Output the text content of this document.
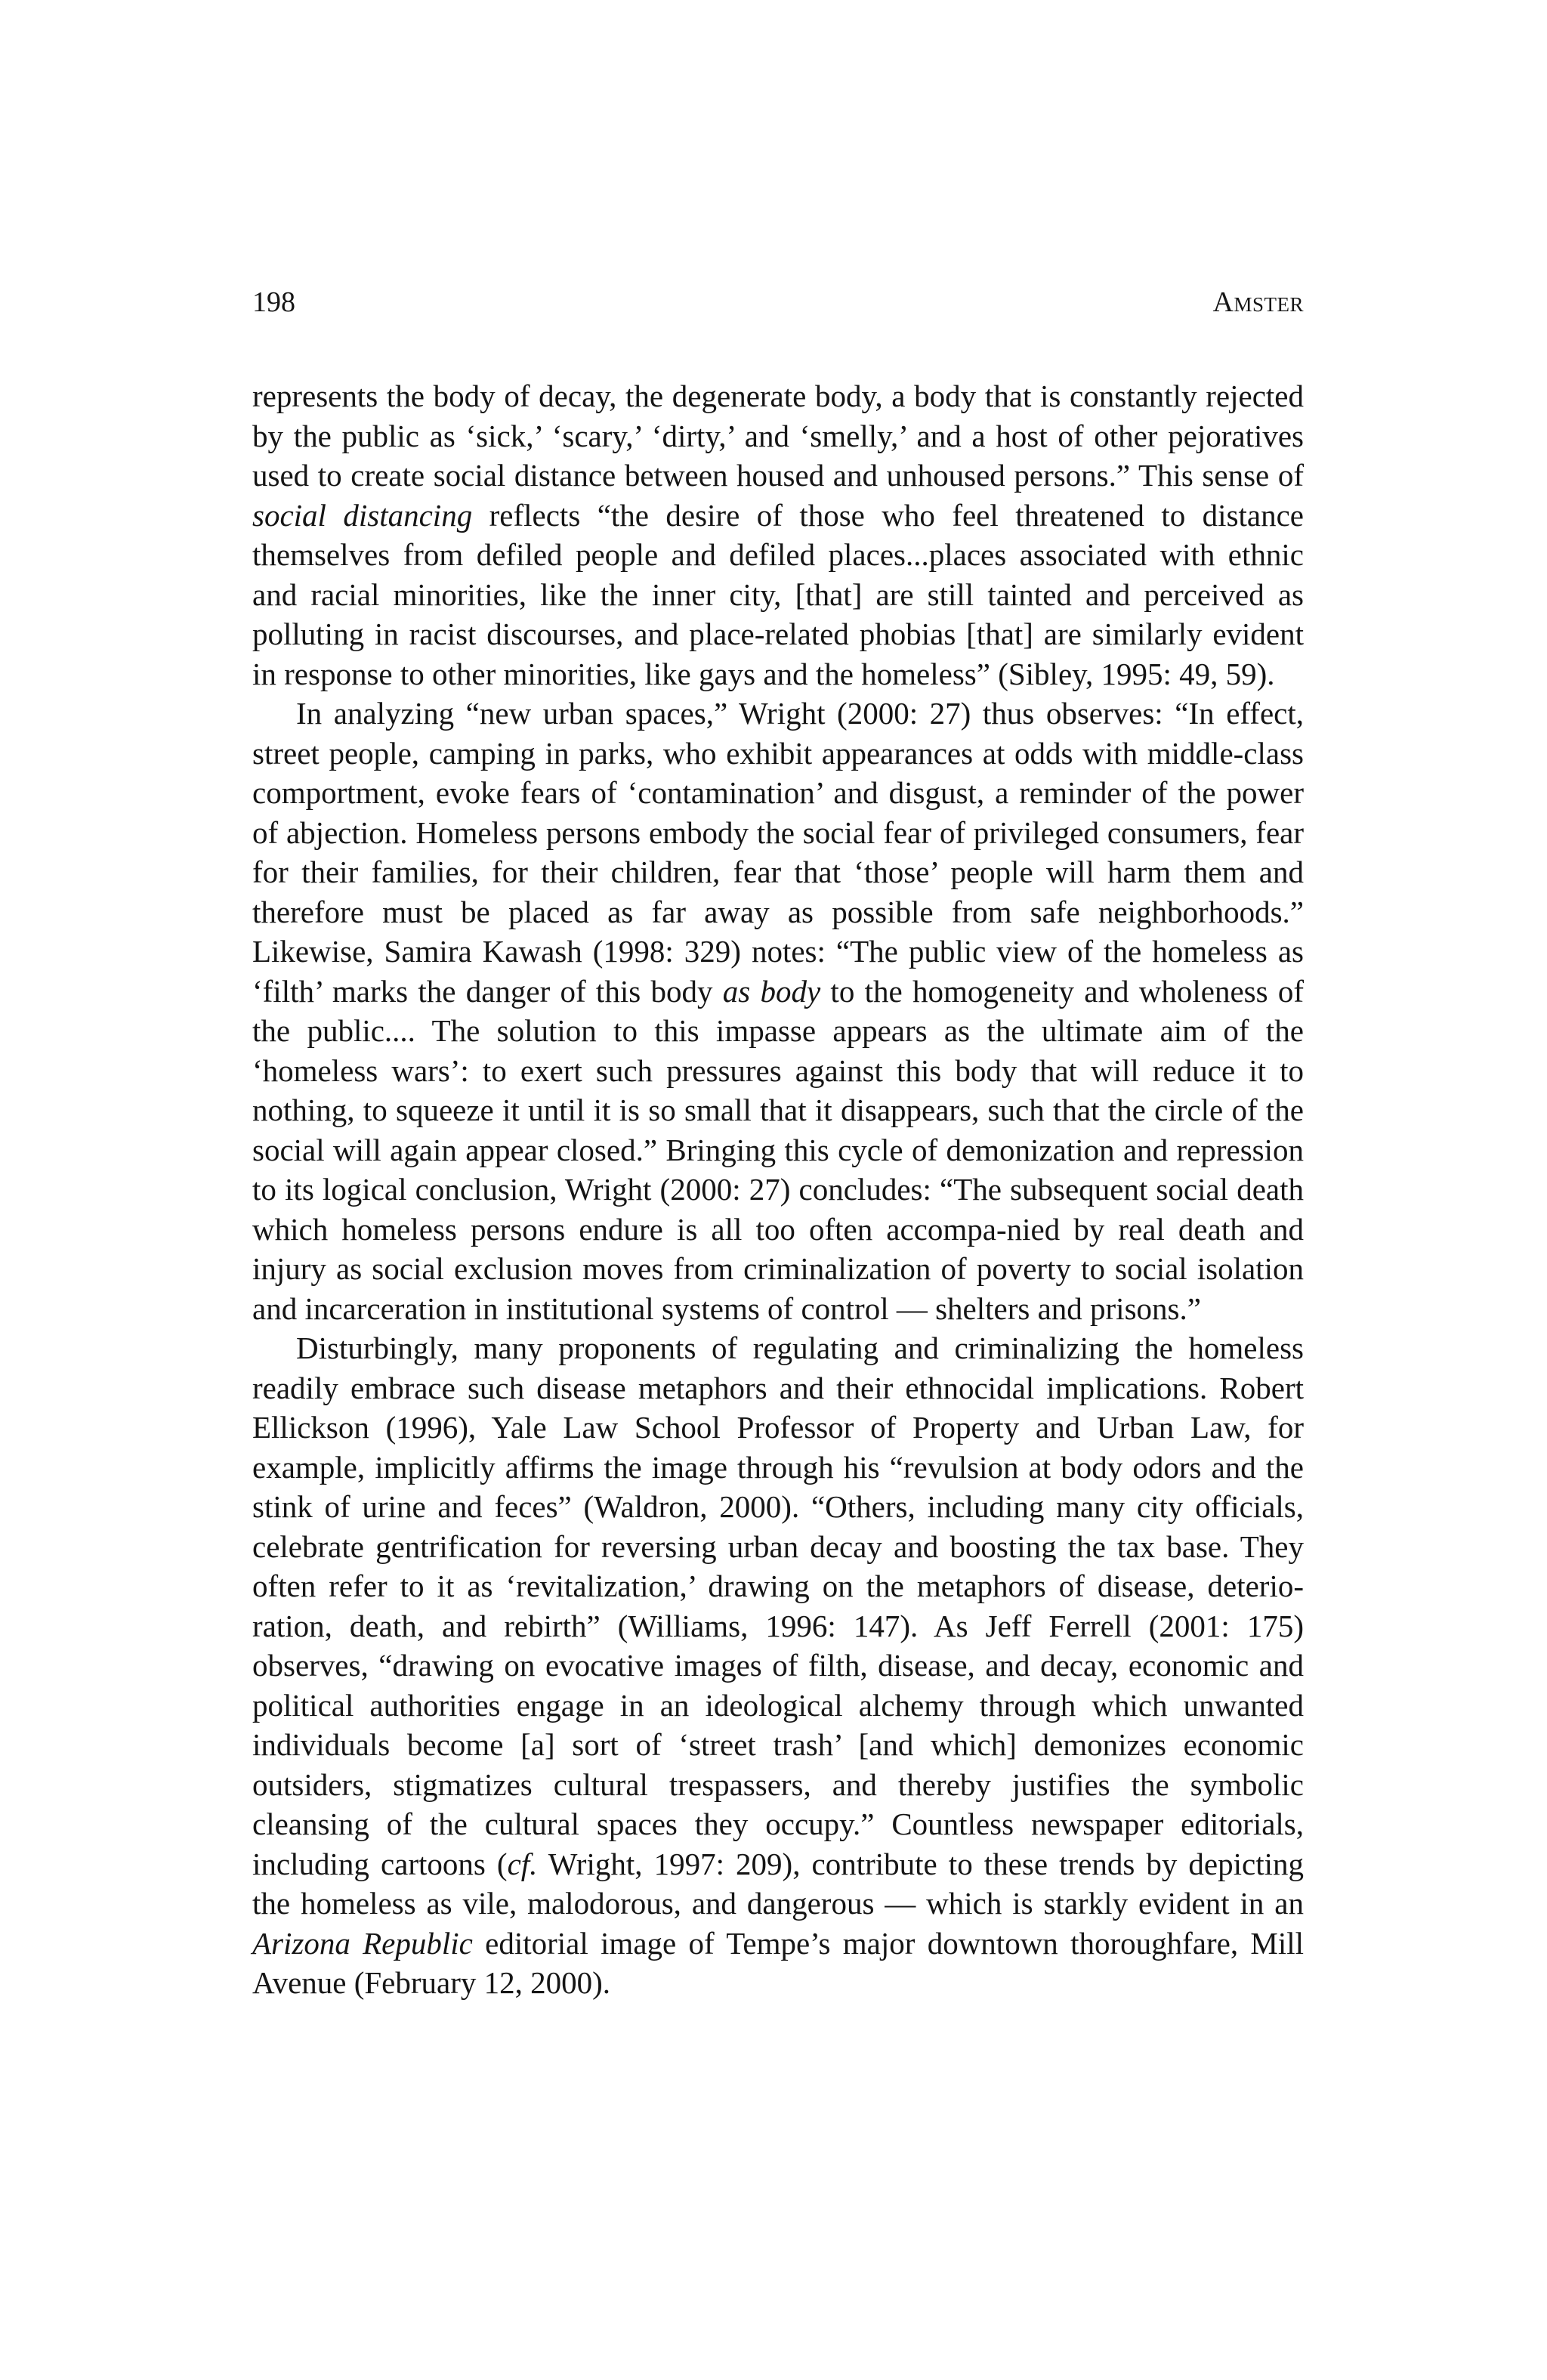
198	Amster

represents the body of decay, the degenerate body, a body that is constantly rejected by the public as ‘sick,’ ‘scary,’ ‘dirty,’ and ‘smelly,’ and a host of other pejoratives used to create social distance between housed and unhoused persons.” This sense of social distancing reflects “the desire of those who feel threatened to distance themselves from defiled people and defiled places...places associated with ethnic and racial minorities, like the inner city, [that] are still tainted and perceived as polluting in racist discourses, and place-related phobias [that] are similarly evident in response to other minorities, like gays and the homeless” (Sibley, 1995: 49, 59).

In analyzing “new urban spaces,” Wright (2000: 27) thus observes: “In effect, street people, camping in parks, who exhibit appearances at odds with middle-class comportment, evoke fears of ‘contamination’ and disgust, a reminder of the power of abjection. Homeless persons embody the social fear of privileged consumers, fear for their families, for their children, fear that ‘those’ people will harm them and therefore must be placed as far away as possible from safe neighborhoods.” Likewise, Samira Kawash (1998: 329) notes: “The public view of the homeless as ‘filth’ marks the danger of this body as body to the homogeneity and wholeness of the public.... The solution to this impasse appears as the ultimate aim of the ‘homeless wars’: to exert such pressures against this body that will reduce it to nothing, to squeeze it until it is so small that it disappears, such that the circle of the social will again appear closed.” Bringing this cycle of demonization and repression to its logical conclusion, Wright (2000: 27) concludes: “The subsequent social death which homeless persons endure is all too often accompa-nied by real death and injury as social exclusion moves from criminalization of poverty to social isolation and incarceration in institutional systems of control — shelters and prisons.”

Disturbingly, many proponents of regulating and criminalizing the homeless readily embrace such disease metaphors and their ethnocidal implications. Robert Ellickson (1996), Yale Law School Professor of Property and Urban Law, for example, implicitly affirms the image through his “revulsion at body odors and the stink of urine and feces” (Waldron, 2000). “Others, including many city officials, celebrate gentrification for reversing urban decay and boosting the tax base. They often refer to it as ‘revitalization,’ drawing on the metaphors of disease, deterio-ration, death, and rebirth” (Williams, 1996: 147). As Jeff Ferrell (2001: 175) observes, “drawing on evocative images of filth, disease, and decay, economic and political authorities engage in an ideological alchemy through which unwanted individuals become [a] sort of ‘street trash’ [and which] demonizes economic outsiders, stigmatizes cultural trespassers, and thereby justifies the symbolic cleansing of the cultural spaces they occupy.” Countless newspaper editorials, including cartoons (cf. Wright, 1997: 209), contribute to these trends by depicting the homeless as vile, malodorous, and dangerous — which is starkly evident in an Arizona Republic editorial image of Tempe’s major downtown thoroughfare, Mill Avenue (February 12, 2000).
